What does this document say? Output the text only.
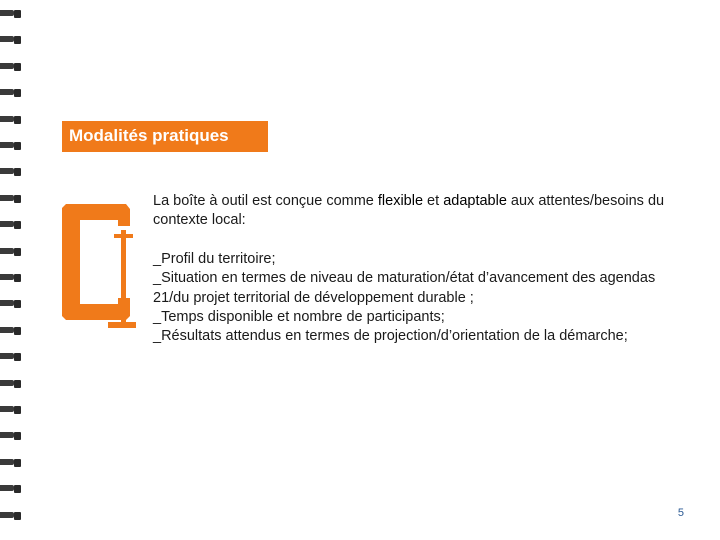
Modalités pratiques

La boîte à outil est conçue comme flexible et adaptable aux attentes/besoins du contexte local:

_Profil du territoire;
_Situation en termes de niveau de maturation/état d’avancement des agendas 21/du projet territorial de développement durable ;
_Temps disponible et nombre de participants;
_Résultats attendus en termes de projection/d’orientation de la démarche;

5
